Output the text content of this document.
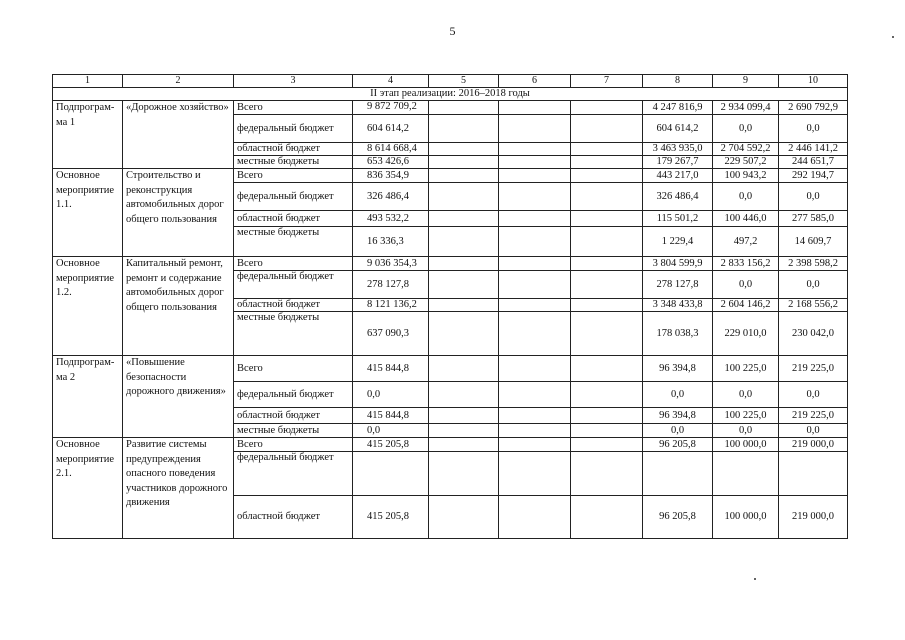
5
1	2	3	4	5	6	7	8	9	10
II этап реализации: 2016–2018 годы									
Подпрограм-ма 1	«Дорожное хозяйство»	Всего	9 872 709,2				4 247 816,9	2 934 099,4	2 690 792,9
		федеральный бюджет	604 614,2				604 614,2	0,0	0,0
		областной бюджет	8 614 668,4				3 463 935,0	2 704 592,2	2 446 141,2
		местные бюджеты	653 426,6				179 267,7	229 507,2	244 651,7
Основное мероприятие 1.1.	Строительство и реконструкция автомобильных дорог общего пользования	Всего	836 354,9				443 217,0	100 943,2	292 194,7
		федеральный бюджет	326 486,4				326 486,4	0,0	0,0
		областной бюджет	493 532,2				115 501,2	100 446,0	277 585,0
		местные бюджеты	16 336,3				1 229,4	497,2	14 609,7
Основное мероприятие 1.2.	Капитальный ремонт, ремонт и содержание автомобильных дорог общего пользования	Всего	9 036 354,3				3 804 599,9	2 833 156,2	2 398 598,2
		федеральный бюджет	278 127,8				278 127,8	0,0	0,0
		областной бюджет	8 121 136,2				3 348 433,8	2 604 146,2	2 168 556,2
		местные бюджеты	637 090,3				178 038,3	229 010,0	230 042,0
Подпрограм-ма 2	«Повышение безопасности дорожного движения»	Всего	415 844,8				96 394,8	100 225,0	219 225,0
		федеральный бюджет	0,0				0,0	0,0	0,0
		областной бюджет	415 844,8				96 394,8	100 225,0	219 225,0
		местные бюджеты	0,0				0,0	0,0	0,0
Основное мероприятие 2.1.	Развитие системы предупреждения опасного поведения участников дорожного движения	Всего	415 205,8				96 205,8	100 000,0	219 000,0
		федеральный бюджет							
		областной бюджет	415 205,8				96 205,8	100 000,0	219 000,0
